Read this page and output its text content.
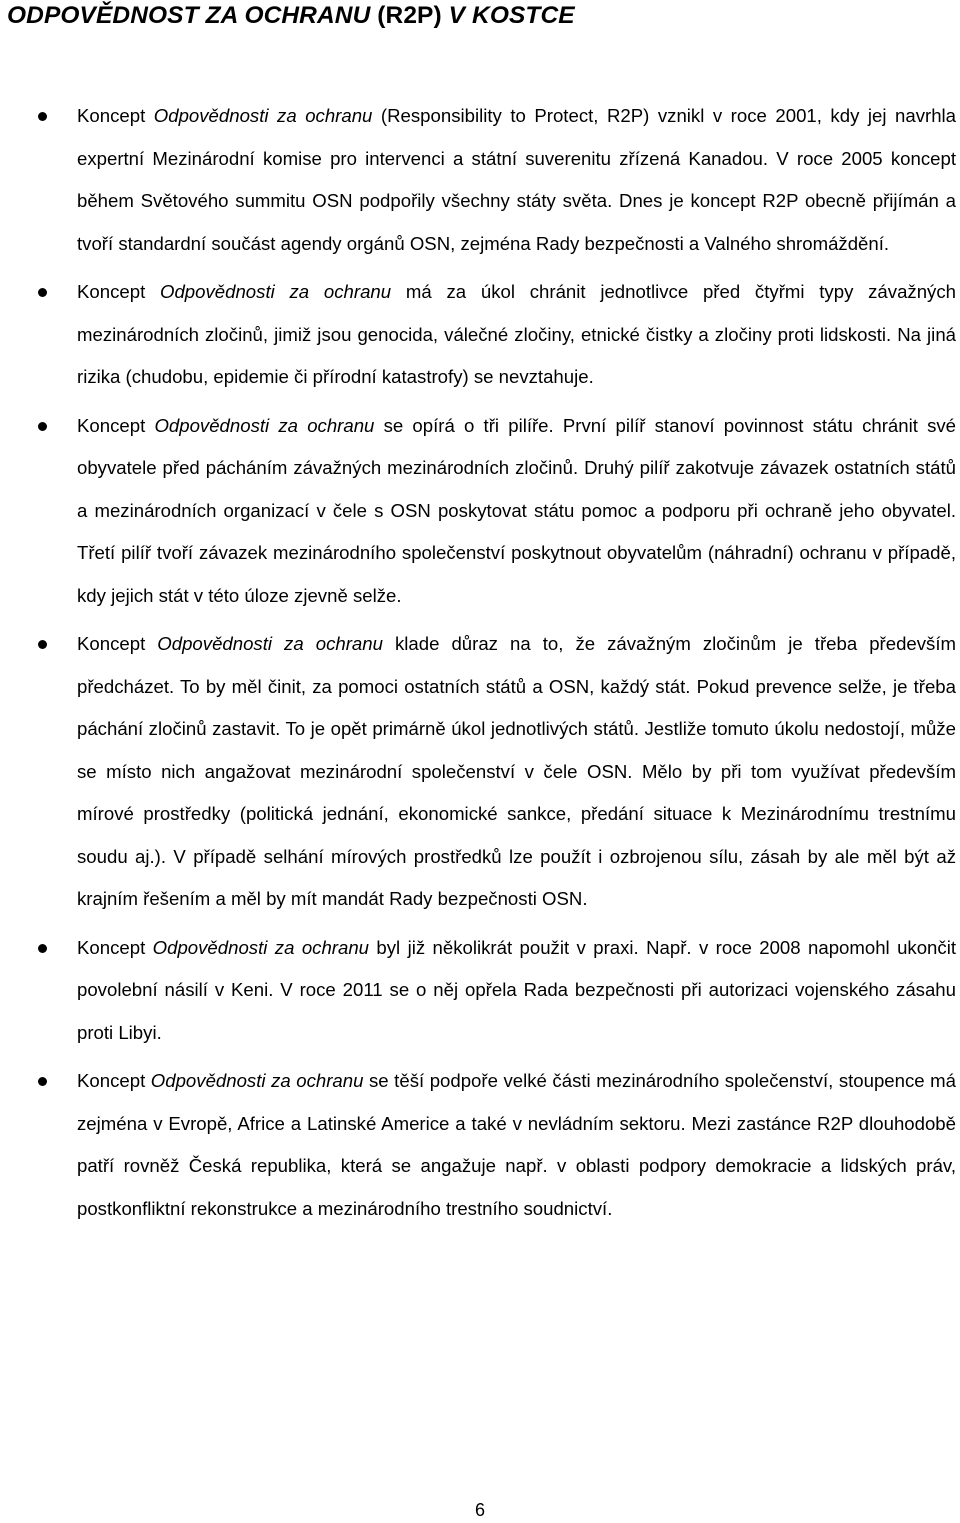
ODPOVĚDNOST ZA OCHRANU (R2P) V KOSTCE
Koncept Odpovědnosti za ochranu (Responsibility to Protect, R2P) vznikl v roce 2001, kdy jej navrhla expertní Mezinárodní komise pro intervenci a státní suverenitu zřízená Kanadou. V roce 2005 koncept během Světového summitu OSN podpořily všechny státy světa. Dnes je koncept R2P obecně přijímán a tvoří standardní součást agendy orgánů OSN, zejména Rady bezpečnosti a Valného shromáždění.
Koncept Odpovědnosti za ochranu má za úkol chránit jednotlivce před čtyřmi typy závažných mezinárodních zločinů, jimiž jsou genocida, válečné zločiny, etnické čistky a zločiny proti lidskosti. Na jiná rizika (chudobu, epidemie či přírodní katastrofy) se nevztahuje.
Koncept Odpovědnosti za ochranu se opírá o tři pilíře. První pilíř stanoví povinnost státu chránit své obyvatele před pácháním závažných mezinárodních zločinů. Druhý pilíř zakotvuje závazek ostatních států a mezinárodních organizací v čele s OSN poskytovat státu pomoc a podporu při ochraně jeho obyvatel. Třetí pilíř tvoří závazek mezinárodního společenství poskytnout obyvatelům (náhradní) ochranu v případě, kdy jejich stát v této úloze zjevně selže.
Koncept Odpovědnosti za ochranu klade důraz na to, že závažným zločinům je třeba především předcházet. To by měl činit, za pomoci ostatních států a OSN, každý stát. Pokud prevence selže, je třeba páchání zločinů zastavit. To je opět primárně úkol jednotlivých států. Jestliže tomuto úkolu nedostojí, může se místo nich angažovat mezinárodní společenství v čele OSN. Mělo by při tom využívat především mírové prostředky (politická jednání, ekonomické sankce, předání situace k Mezinárodnímu trestnímu soudu aj.). V případě selhání mírových prostředků lze použít i ozbrojenou sílu, zásah by ale měl být až krajním řešením a měl by mít mandát Rady bezpečnosti OSN.
Koncept Odpovědnosti za ochranu byl již několikrát použit v praxi. Např. v roce 2008 napomohl ukončit povolební násilí v Keni. V roce 2011 se o něj opřela Rada bezpečnosti při autorizaci vojenského zásahu proti Libyi.
Koncept Odpovědnosti za ochranu se těší podpoře velké části mezinárodního společenství, stoupence má zejména v Evropě, Africe a Latinské Americe a také v nevládním sektoru. Mezi zastánce R2P dlouhodobě patří rovněž Česká republika, která se angažuje např. v oblasti podpory demokracie a lidských práv, postkonfliktní rekonstrukce a mezinárodního trestního soudnictví.
6
